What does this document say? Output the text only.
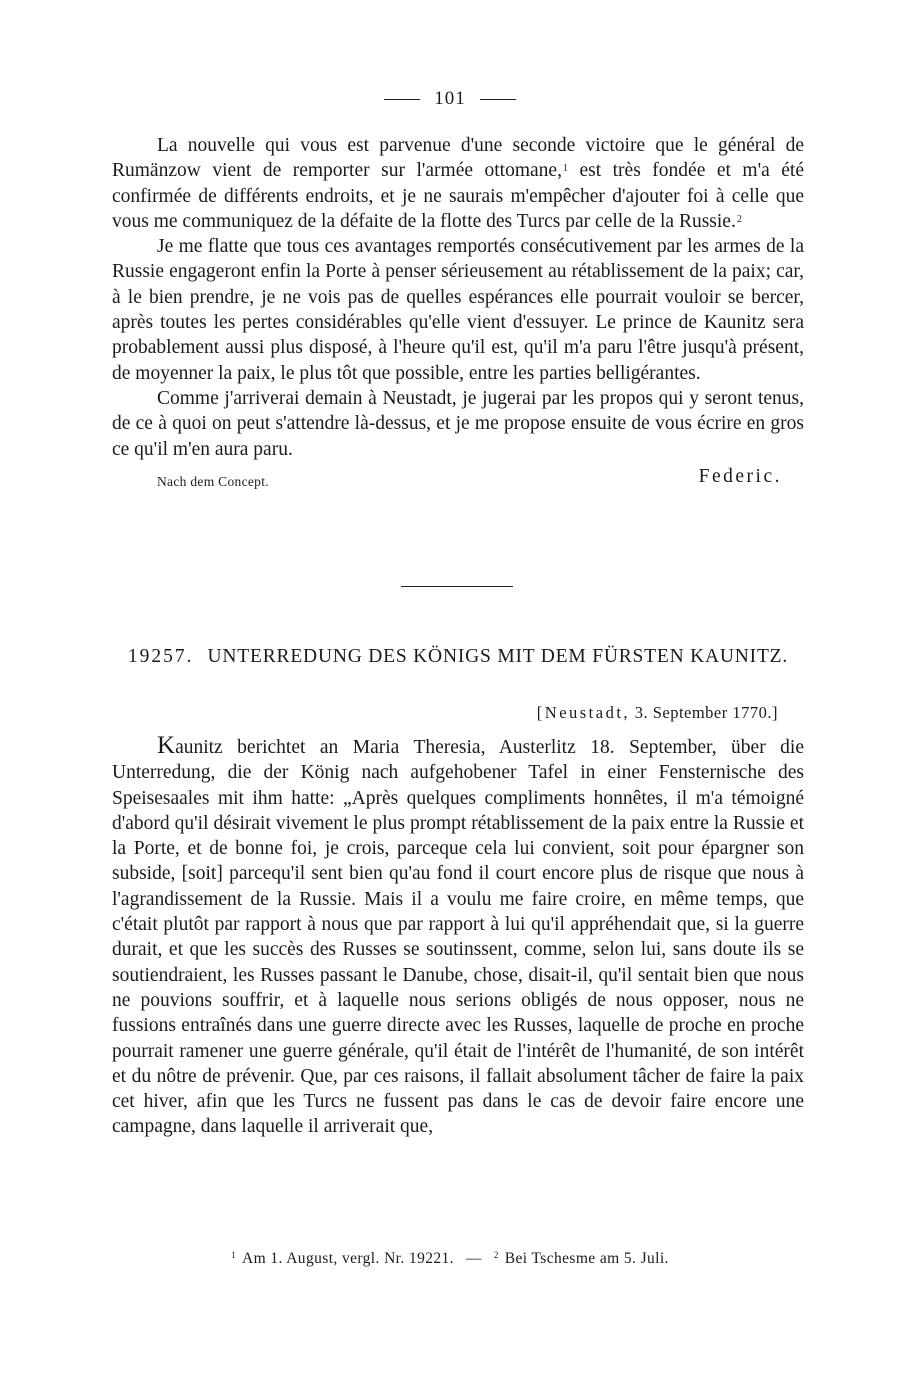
101

La nouvelle qui vous est parvenue d'une seconde victoire que le général de Rumänzow vient de remporter sur l'armée ottomane,$^1$ est très fondée et m'a été confirmée de différents endroits, et je ne saurais m'empêcher d'ajouter foi à celle que vous me communiquez de la défaite de la flotte des Turcs par celle de la Russie.$^2$

Je me flatte que tous ces avantages remportés consécutivement par les armes de la Russie engageront enfin la Porte à penser sérieusement au rétablissement de la paix; car, à le bien prendre, je ne vois pas de quelles espérances elle pourrait vouloir se bercer, après toutes les pertes considérables qu'elle vient d'essuyer. Le prince de Kaunitz sera probablement aussi plus disposé, à l'heure qu'il est, qu'il m'a paru l'être jusqu'à présent, de moyenner la paix, le plus tôt que possible, entre les parties belligérantes.

Comme j'arriverai demain à Neustadt, je jugerai par les propos qui y seront tenus, de ce à quoi on peut s'attendre là-dessus, et je me propose ensuite de vous écrire en gros ce qu'il m'en aura paru.

Nach dem Concept.	Federic.
19257. UNTERREDUNG DES KÖNIGS MIT DEM FÜRSTEN KAUNITZ.
[Neustadt, 3. September 1770.]

Kaunitz berichtet an Maria Theresia, Austerlitz 18. September, über die Unterredung, die der König nach aufgehobener Tafel in einer Fensternische des Speisesaales mit ihm hatte: „Après quelques compliments honnêtes, il m'a témoigné d'abord qu'il désirait vivement le plus prompt rétablissement de la paix entre la Russie et la Porte, et de bonne foi, je crois, parceque cela lui convient, soit pour épargner son subside, [soit] parcequ'il sent bien qu'au fond il court encore plus de risque que nous à l'agrandissement de la Russie. Mais il a voulu me faire croire, en même temps, que c'était plutôt par rapport à nous que par rapport à lui qu'il appréhendait que, si la guerre durait, et que les succès des Russes se soutinssent, comme, selon lui, sans doute ils se soutiendraient, les Russes passant le Danube, chose, disait-il, qu'il sentait bien que nous ne pouvions souffrir, et à laquelle nous serions obligés de nous opposer, nous ne fussions entraînés dans une guerre directe avec les Russes, laquelle de proche en proche pourrait ramener une guerre générale, qu'il était de l'intérêt de l'humanité, de son intérêt et du nôtre de prévenir. Que, par ces raisons, il fallait absolument tâcher de faire la paix cet hiver, afin que les Turcs ne fussent pas dans le cas de devoir faire encore une campagne, dans laquelle il arriverait que,

$^1$ Am 1. August, vergl. Nr. 19221. — $^2$ Bei Tschesme am 5. Juli.
